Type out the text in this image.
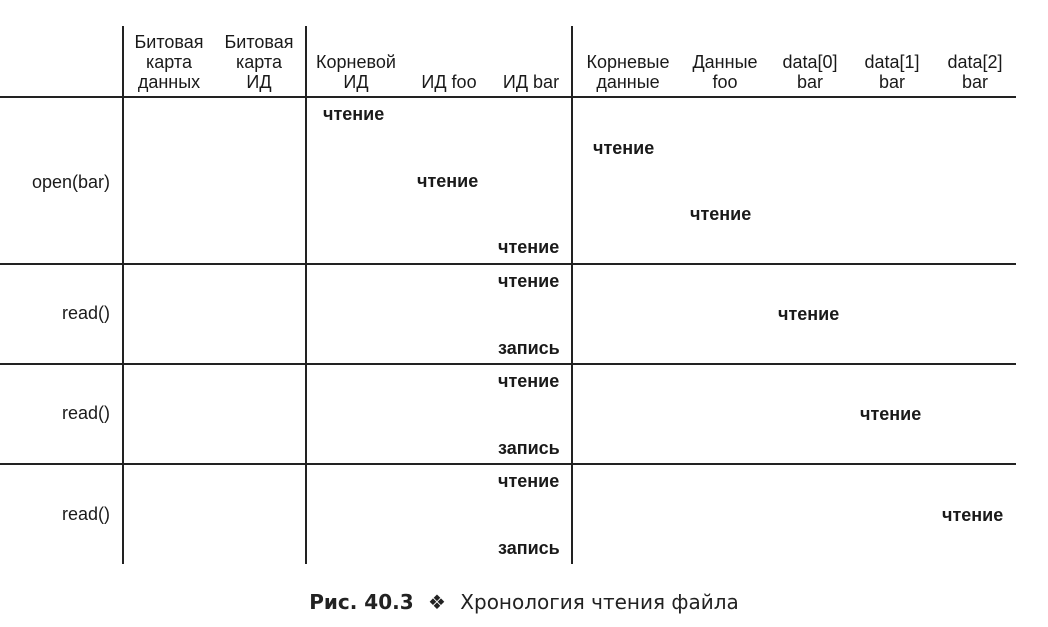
Битовая
карта
данных
Битовая
карта
ИД
Корневой
ИД	ИД foo	ИД bar
Корневые
данные
Данные
foo
data[0]
bar
data[1]
bar
data[2]
bar
open(bar)
read()
read()
read()
чтение
чтение
чтение
чтение
чтение
чтение
чтение
запись
чтение
чтение
запись
чтение
чтение
запись
Рис. 40.3 ❖ Хронология чтения файла
